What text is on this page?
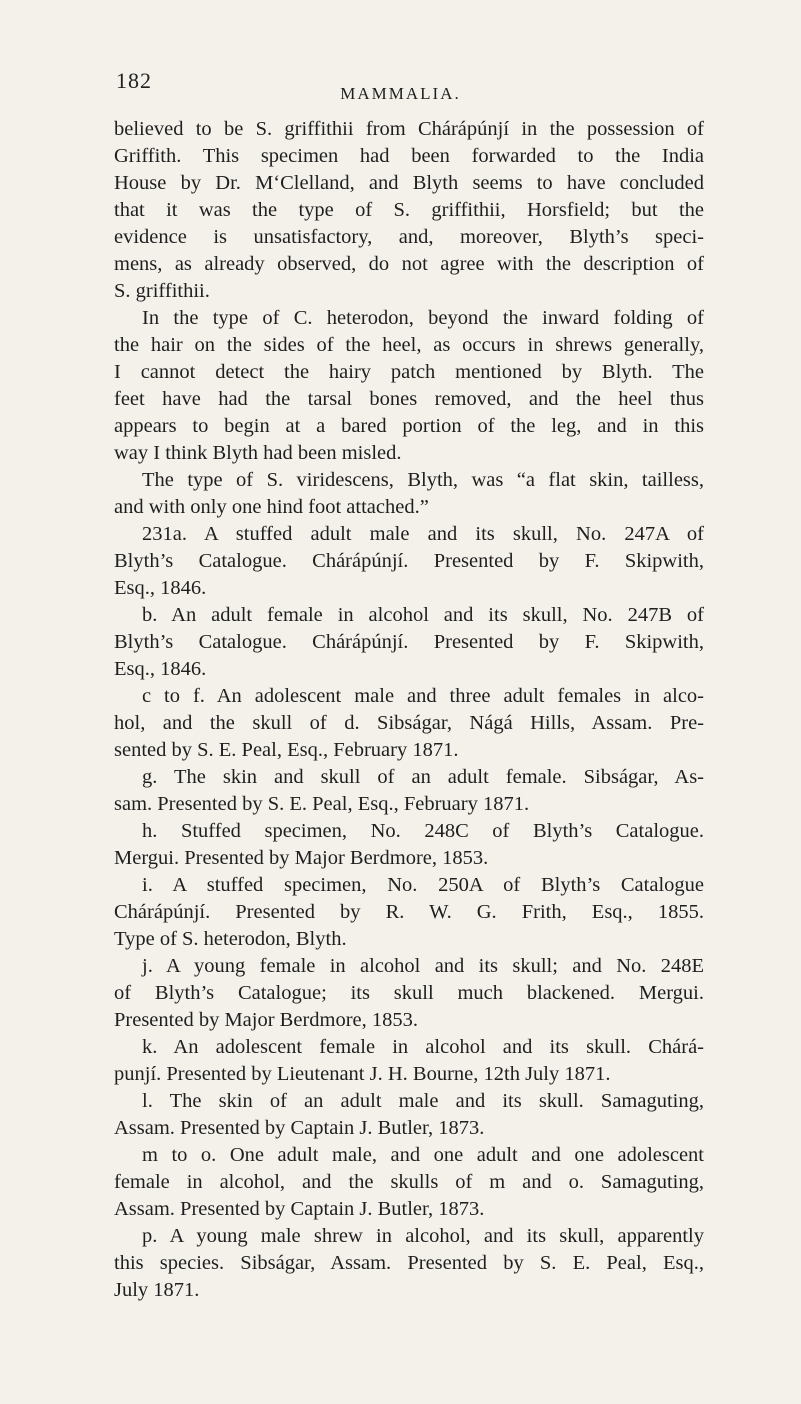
182
MAMMALIA.
believed to be S. griffithii from Chárápúnjí in the possession of
Griffith. This specimen had been forwarded to the India
House by Dr. M‘Clelland, and Blyth seems to have concluded
that it was the type of S. griffithii, Horsfield; but the
evidence is unsatisfactory, and, moreover, Blyth’s speci-
mens, as already observed, do not agree with the description of
S. griffithii.
In the type of C. heterodon, beyond the inward folding of
the hair on the sides of the heel, as occurs in shrews generally,
I cannot detect the hairy patch mentioned by Blyth. The
feet have had the tarsal bones removed, and the heel thus
appears to begin at a bared portion of the leg, and in this
way I think Blyth had been misled.
The type of S. viridescens, Blyth, was “a flat skin, tailless,
and with only one hind foot attached.”
231a. A stuffed adult male and its skull, No. 247A of
Blyth’s Catalogue. Chárápúnjí. Presented by F. Skipwith,
Esq., 1846.
b. An adult female in alcohol and its skull, No. 247B of
Blyth’s Catalogue. Chárápúnjí. Presented by F. Skipwith,
Esq., 1846.
c to f. An adolescent male and three adult females in alco-
hol, and the skull of d. Sibságar, Nágá Hills, Assam. Pre-
sented by S. E. Peal, Esq., February 1871.
g. The skin and skull of an adult female. Sibságar, As-
sam. Presented by S. E. Peal, Esq., February 1871.
h. Stuffed specimen, No. 248C of Blyth’s Catalogue.
Mergui. Presented by Major Berdmore, 1853.
i. A stuffed specimen, No. 250A of Blyth’s Catalogue
Chárápúnjí. Presented by R. W. G. Frith, Esq., 1855.
Type of S. heterodon, Blyth.
j. A young female in alcohol and its skull; and No. 248E
of Blyth’s Catalogue; its skull much blackened. Mergui.
Presented by Major Berdmore, 1853.
k. An adolescent female in alcohol and its skull. Chárá-
punjí. Presented by Lieutenant J. H. Bourne, 12th July 1871.
l. The skin of an adult male and its skull. Samaguting,
Assam. Presented by Captain J. Butler, 1873.
m to o. One adult male, and one adult and one adolescent
female in alcohol, and the skulls of m and o. Samaguting,
Assam. Presented by Captain J. Butler, 1873.
p. A young male shrew in alcohol, and its skull, apparently
this species. Sibságar, Assam. Presented by S. E. Peal, Esq.,
July 1871.
